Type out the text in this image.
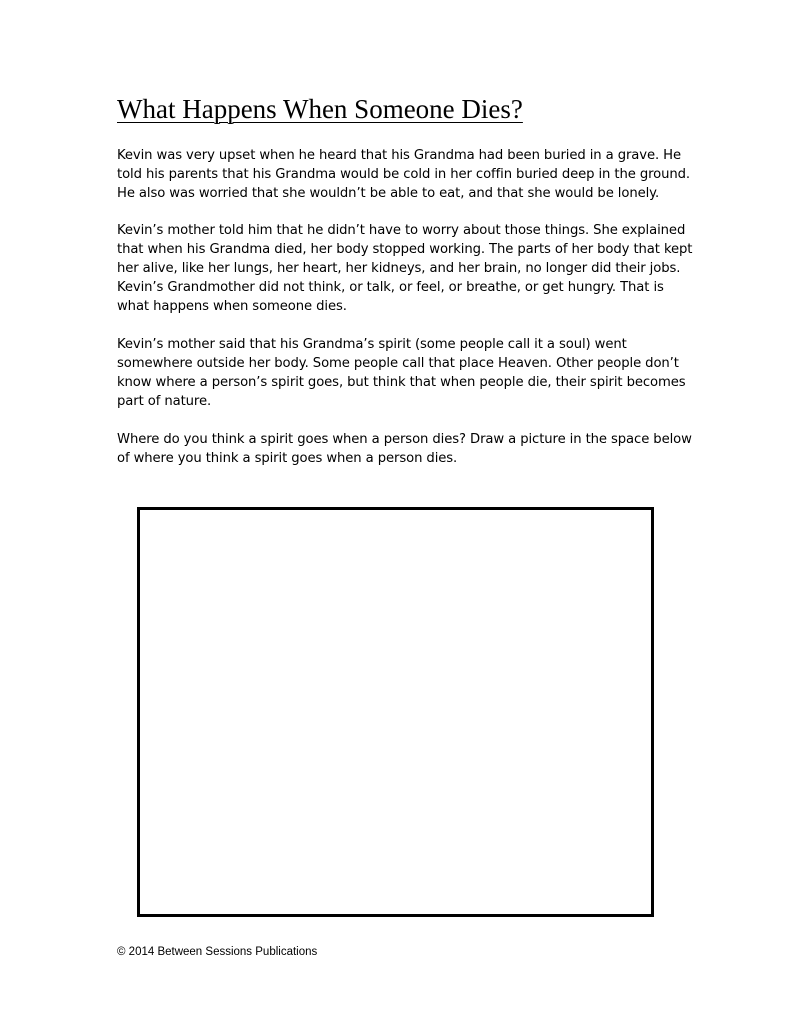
What Happens When Someone Dies?

Kevin was very upset when he heard that his Grandma had been buried in a grave. He
told his parents that his Grandma would be cold in her coffin buried deep in the ground.
He also was worried that she wouldn’t be able to eat, and that she would be lonely.

Kevin’s mother told him that he didn’t have to worry about those things. She explained
that when his Grandma died, her body stopped working. The parts of her body that kept
her alive, like her lungs, her heart, her kidneys, and her brain, no longer did their jobs.
Kevin’s Grandmother did not think, or talk, or feel, or breathe, or get hungry. That is
what happens when someone dies.

Kevin’s mother said that his Grandma’s spirit (some people call it a soul) went
somewhere outside her body. Some people call that place Heaven. Other people don’t
know where a person’s spirit goes, but think that when people die, their spirit becomes
part of nature.

Where do you think a spirit goes when a person dies? Draw a picture in the space below
of where you think a spirit goes when a person dies.

© 2014 Between Sessions Publications
